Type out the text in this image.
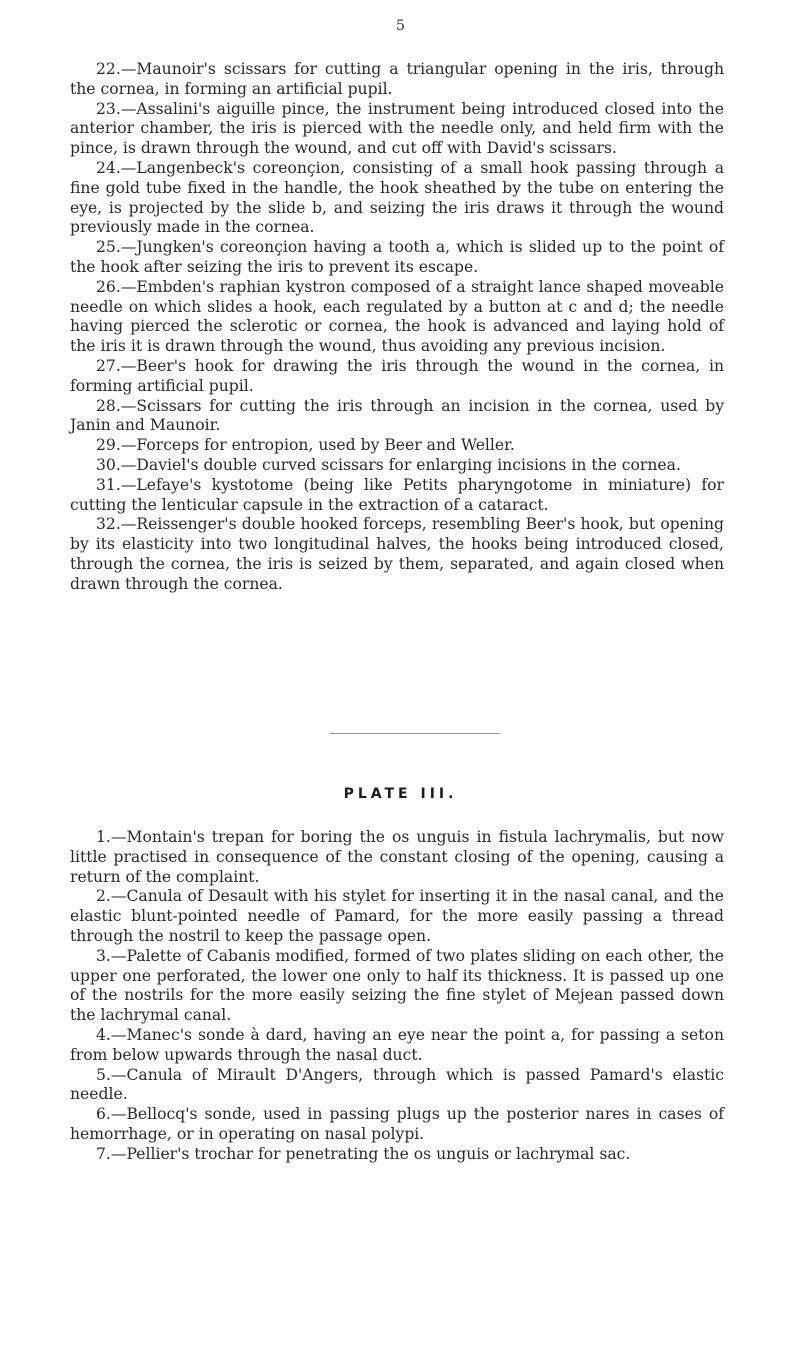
5

22.—Maunoir's scissars for cutting a triangular opening in the iris, through the cornea, in forming an artificial pupil.

23.—Assalini's aiguille pince, the instrument being introduced closed into the anterior chamber, the iris is pierced with the needle only, and held firm with the pince, is drawn through the wound, and cut off with David's scissars.

24.—Langenbeck's coreonçion, consisting of a small hook passing through a fine gold tube fixed in the handle, the hook sheathed by the tube on entering the eye, is projected by the slide b, and seizing the iris draws it through the wound previously made in the cornea.

25.—Jungken's coreonçion having a tooth a, which is slided up to the point of the hook after seizing the iris to prevent its escape.

26.—Embden's raphian kystron composed of a straight lance shaped moveable needle on which slides a hook, each regulated by a button at c and d; the needle having pierced the sclerotic or cornea, the hook is advanced and laying hold of the iris it is drawn through the wound, thus avoiding any previous incision.

27.—Beer's hook for drawing the iris through the wound in the cornea, in forming artificial pupil.

28.—Scissars for cutting the iris through an incision in the cornea, used by Janin and Maunoir.

29.—Forceps for entropion, used by Beer and Weller.

30.—Daviel's double curved scissars for enlarging incisions in the cornea.

31.—Lefaye's kystotome (being like Petits pharyngotome in miniature) for cutting the lenticular capsule in the extraction of a cataract.

32.—Reissenger's double hooked forceps, resembling Beer's hook, but opening by its elasticity into two longitudinal halves, the hooks being introduced closed, through the cornea, the iris is seized by them, separated, and again closed when drawn through the cornea.

PLATE III.

1.—Montain's trepan for boring the os unguis in fistula lachrymalis, but now little practised in consequence of the constant closing of the opening, causing a return of the complaint.

2.—Canula of Desault with his stylet for inserting it in the nasal canal, and the elastic blunt-pointed needle of Pamard, for the more easily passing a thread through the nostril to keep the passage open.

3.—Palette of Cabanis modified, formed of two plates sliding on each other, the upper one perforated, the lower one only to half its thickness. It is passed up one of the nostrils for the more easily seizing the fine stylet of Mejean passed down the lachrymal canal.

4.—Manec's sonde à dard, having an eye near the point a, for passing a seton from below upwards through the nasal duct.

5.—Canula of Mirault D'Angers, through which is passed Pamard's elastic needle.

6.—Bellocq's sonde, used in passing plugs up the posterior nares in cases of hemorrhage, or in operating on nasal polypi.

7.—Pellier's trochar for penetrating the os unguis or lachrymal sac.
